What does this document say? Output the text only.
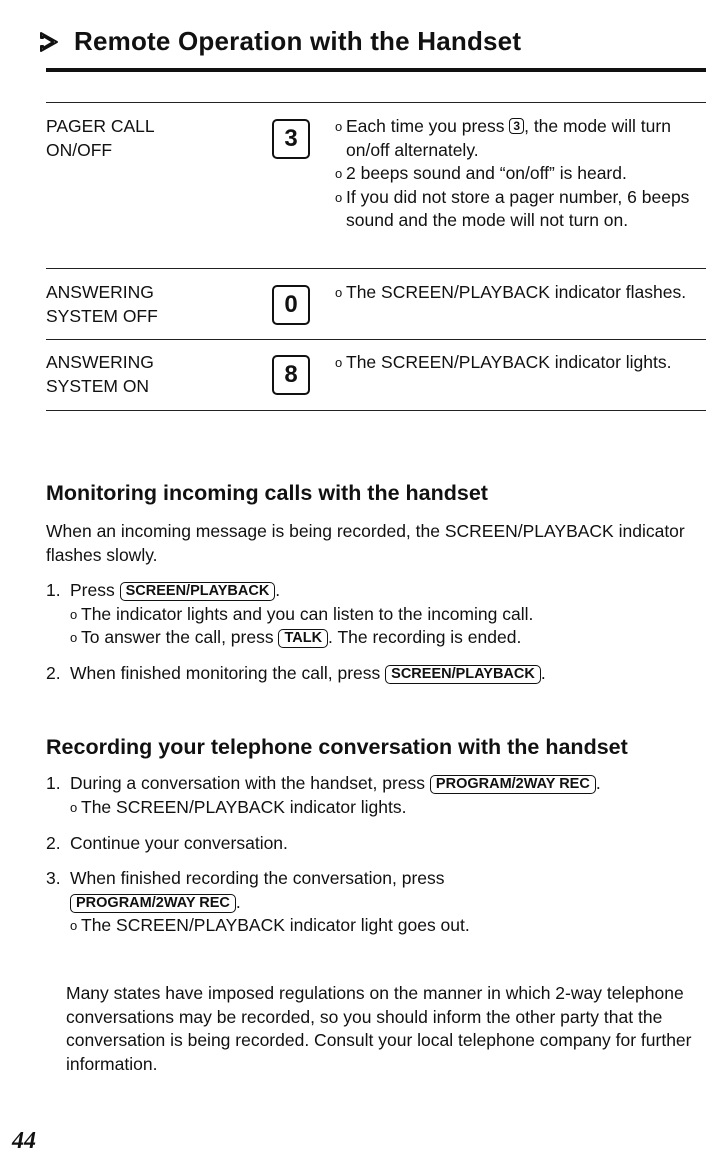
Remote Operation with the Handset
PAGER CALL
ON/OFF	3	o Each time you press 3 , the mode will turn on/off alternately.
o 2 beeps sound and “on/off” is heard.
o If you did not store a pager number, 6 beeps sound and the mode will not turn on.
ANSWERING
SYSTEM OFF	0	o The SCREEN/PLAYBACK indicator flashes.
ANSWERING
SYSTEM ON	8	o The SCREEN/PLAYBACK indicator lights.
Monitoring incoming calls with the handset
When an incoming message is being recorded, the SCREEN/PLAYBACK indicator flashes slowly.
1. Press SCREEN/PLAYBACK .
o The indicator lights and you can listen to the incoming call.
o To answer the call, press TALK . The recording is ended.
2. When finished monitoring the call, press SCREEN/PLAYBACK .
Recording your telephone conversation with the handset
1. During a conversation with the handset, press PROGRAM/2WAY REC .
o The SCREEN/PLAYBACK indicator lights.
2. Continue your conversation.
3. When finished recording the conversation, press
PROGRAM/2WAY REC .
o The SCREEN/PLAYBACK indicator light goes out.
Many states have imposed regulations on the manner in which 2-way telephone conversations may be recorded, so you should inform the other party that the conversation is being recorded. Consult your local telephone company for further information.
44
